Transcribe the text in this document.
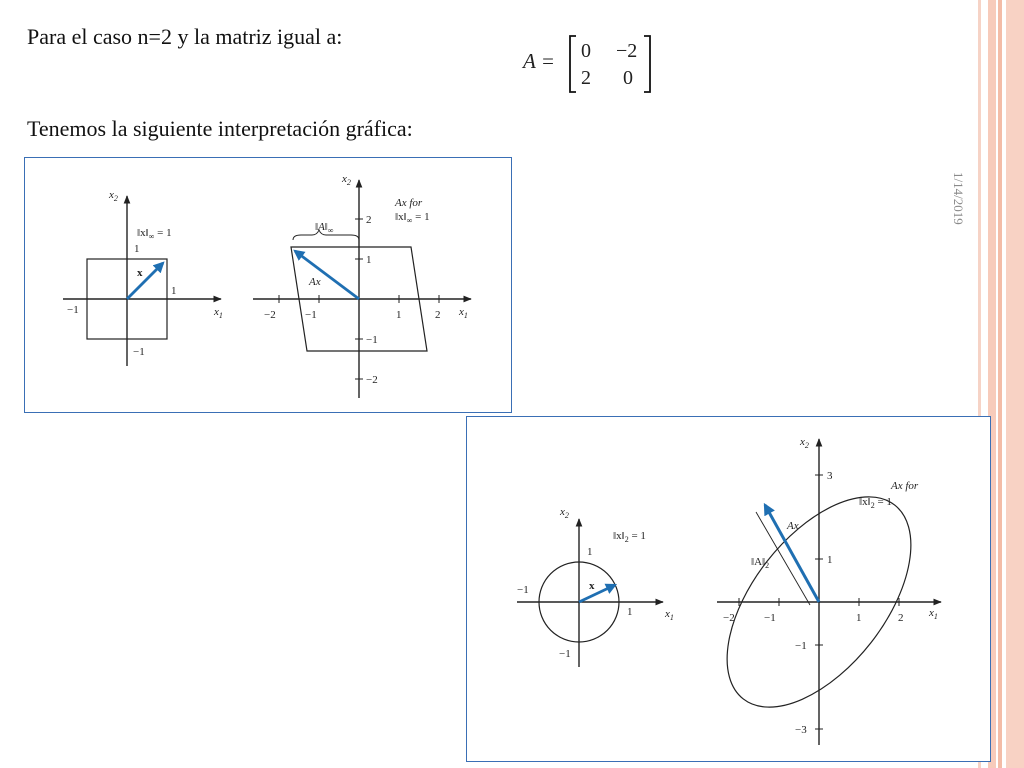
1/14/2019
Para el caso n=2 y la matriz igual a:
Tenemos la siguiente interpretación gráfica:
A = 0 −2
2 0
$x_2$
$x_1$
$‖x‖_\infty = 1$
1
1
−1
−1
x
$x_2$
$x_1$
Ax for
$‖x‖_\infty = 1$
$‖A‖_\infty$
Ax
−2	−1	1	2
2
1
−1
−2
$x_2$
$x_1$
$‖x‖_2 = 1$
1
1
−1
−1
x
Ax for
$‖x‖_2 = 1$
$x_2$
$x_1$
Ax
$‖A‖_2$
−2	−1	1	2
3
1
−1
−3
